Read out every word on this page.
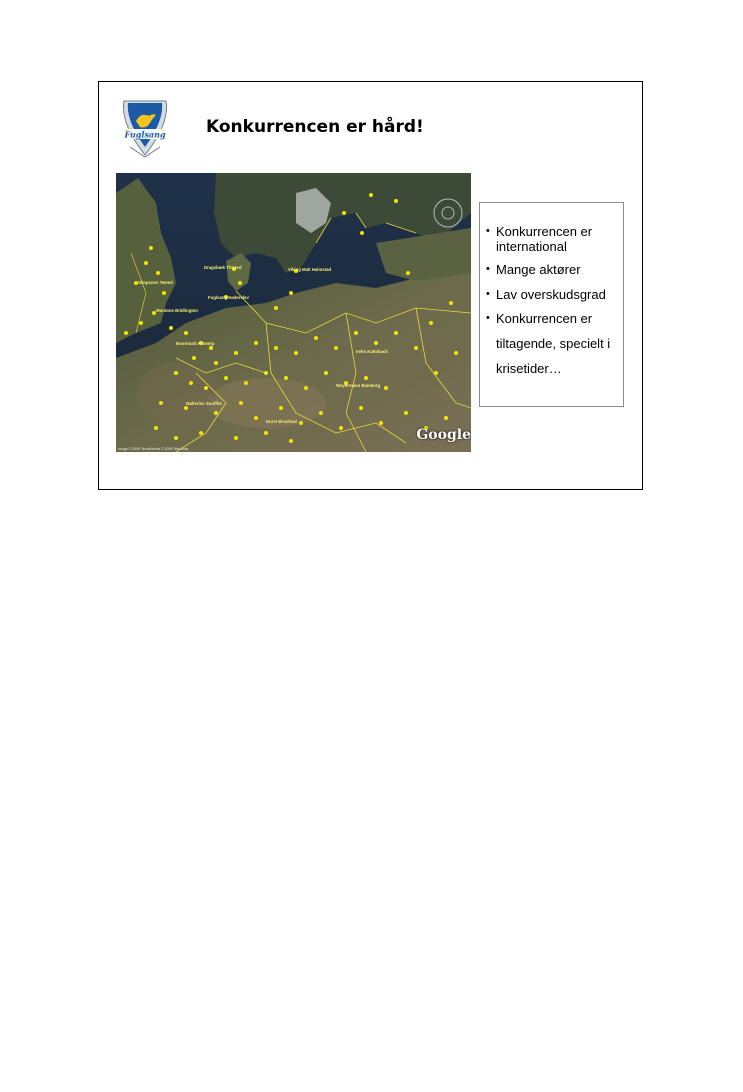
Fuglsang Konkurrencen er hård!
Dragsbæk Thisted
Fuglsang Haderslev
Muntons Bridlington
Simpsons Tweed
Viking Malt Halmstad
Weyermann Bamberg
Malteries Soufflet
Boortmalt Antwerp
Ireks Kulmbach
Durst Bruchsal
Google
Image © 2009 TerraMetrics © 2009 Tele Atlas
• Konkurrencen er international
• Mange aktører
• Lav overskudsgrad
• Konkurrencen er
tiltagende, specielt i
krisetider…
